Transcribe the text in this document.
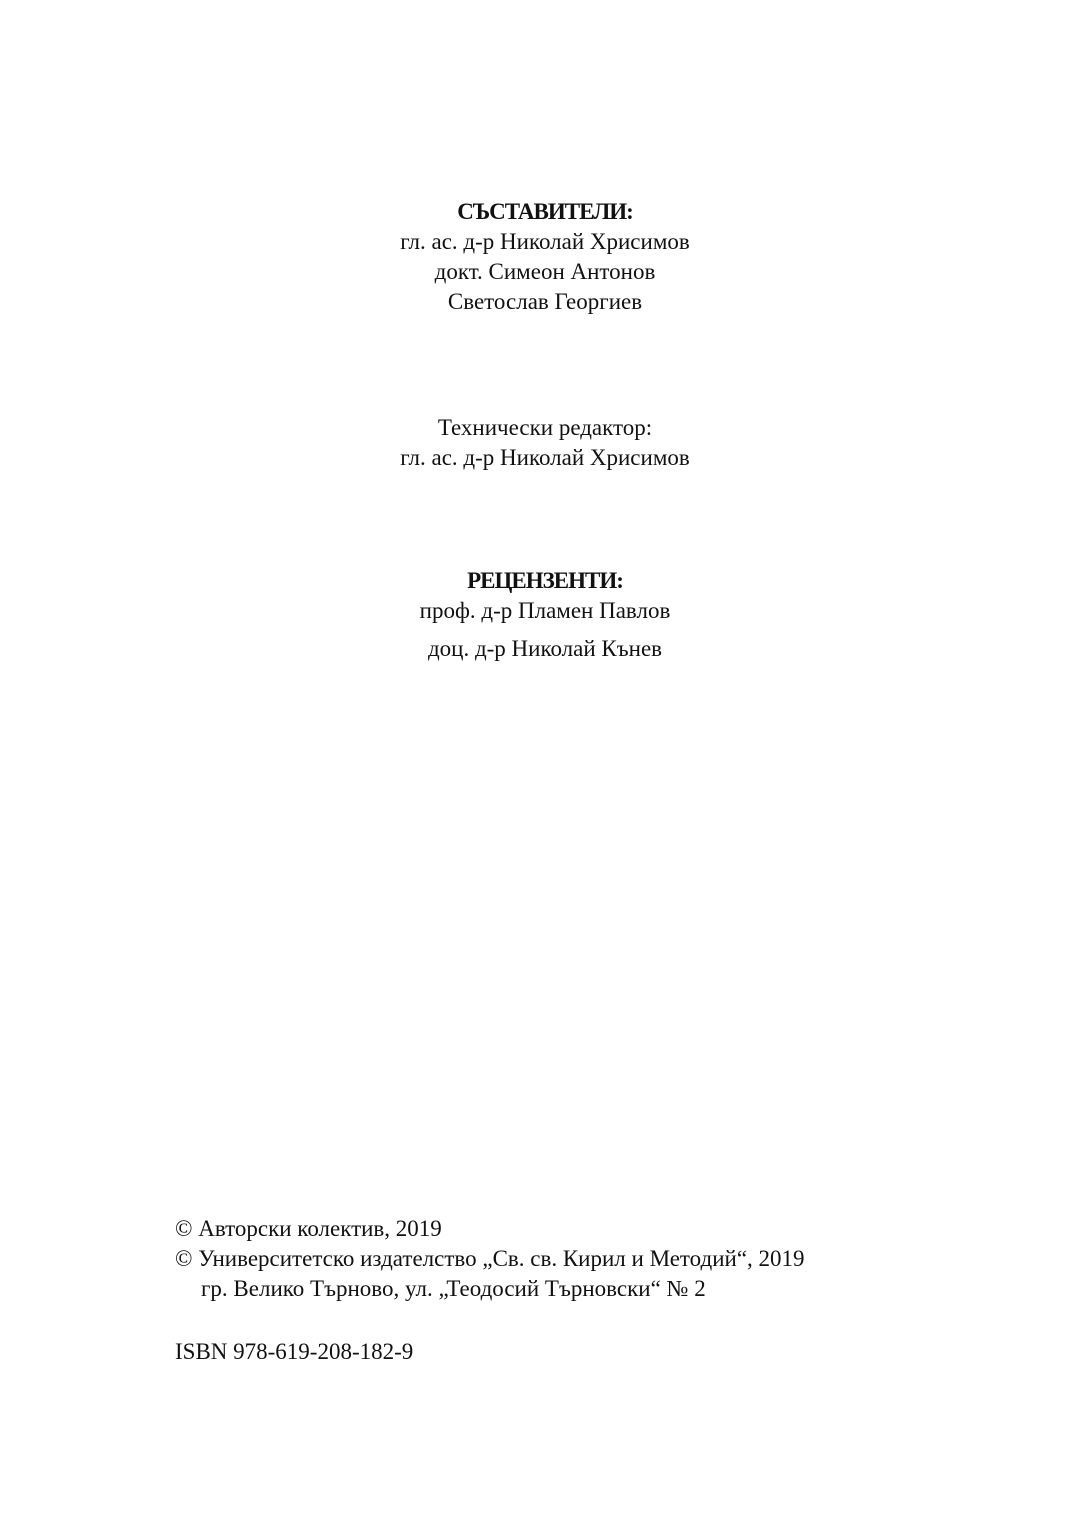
СЪСТАВИТЕЛИ:
гл. ас. д-р Николай Хрисимов
докт. Симеон Антонов
Светослав Георгиев
Технически редактор:
гл. ас. д-р Николай Хрисимов
РЕЦЕНЗЕНТИ:
проф. д-р Пламен Павлов
доц. д-р Николай Кънев
© Авторски колектив, 2019
© Университетско издателство „Св. св. Кирил и Методий“, 2019
гр. Велико Търново, ул. „Теодосий Търновски“ № 2
ISBN 978-619-208-182-9
